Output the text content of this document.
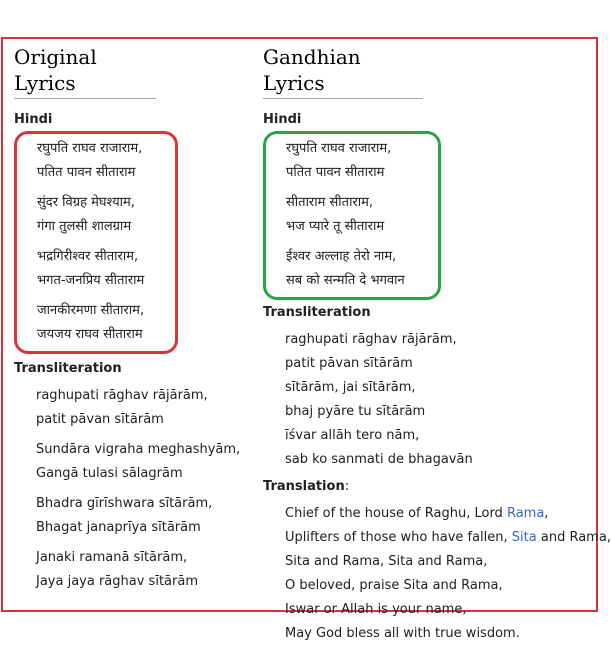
Original Lyrics

Hindi

रघुपति राघव राजाराम,
पतित पावन सीताराम
सुंदर विग्रह मेघश्याम,
गंगा तुलसी शालग्राम
भद्रगिरीश्वर सीताराम,
भगत-जनप्रिय सीताराम
जानकीरमणा सीताराम,
जयजय राघव सीताराम

Transliteration

raghupati rāghav rājārām,
patit pāvan sītārām
Sundāra vigraha meghashyām,
Gangā tulasi sālagrām
Bhadra gīrīshwara sītārām,
Bhagat janaprīya sītārām
Janaki ramanā sītārām,
Jaya jaya rāghav sītārām
Gandhian Lyrics

Hindi

रघुपति राघव राजाराम,
पतित पावन सीताराम
सीताराम सीताराम,
भज प्यारे तू सीताराम
ईश्वर अल्लाह तेरो नाम,
सब को सन्मति दे भगवान

Transliteration

raghupati rāghav rājārām,
patit pāvan sītārām
sītārām, jai sītārām,
bhaj pyāre tu sītārām
īśvar allāh tero nām,
sab ko sanmati de bhagavān

Translation:

Chief of the house of Raghu, Lord Rama,
Uplifters of those who have fallen, Sita and Rama,
Sita and Rama, Sita and Rama,
O beloved, praise Sita and Rama,
Iswar or Allah is your name,
May God bless all with true wisdom.
